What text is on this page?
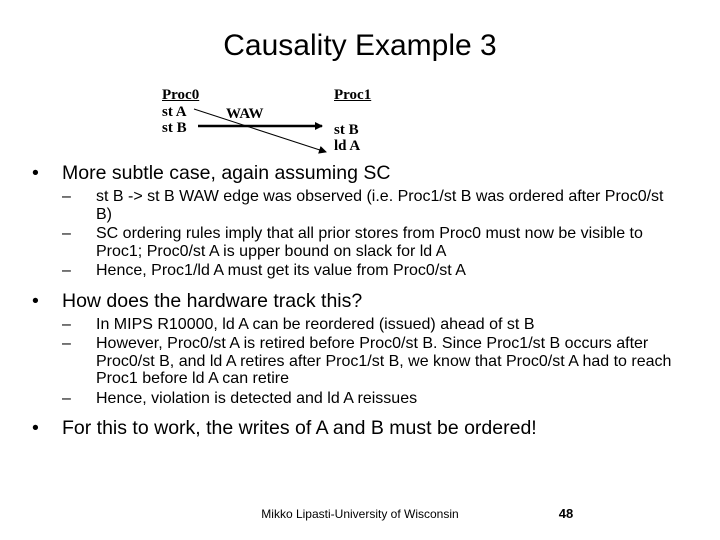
Causality Example 3
Proc0
st A
st B
WAW
Proc1
st B
ld A
• More subtle case, again assuming SC
– st B -> st B WAW edge was observed (i.e. Proc1/st B was ordered after Proc0/st B)
– SC ordering rules imply that all prior stores from Proc0 must now be visible to Proc1; Proc0/st A is upper bound on slack for ld A
– Hence, Proc1/ld A must get its value from Proc0/st A
• How does the hardware track this?
– In MIPS R10000, ld A can be reordered (issued) ahead of st B
– However, Proc0/st A is retired before Proc0/st B. Since Proc1/st B occurs after Proc0/st B, and ld A retires after Proc1/st B, we know that Proc0/st A had to reach Proc1 before ld A can retire
– Hence, violation is detected and ld A reissues
• For this to work, the writes of A and B must be ordered!
Mikko Lipasti-University of Wisconsin	48
